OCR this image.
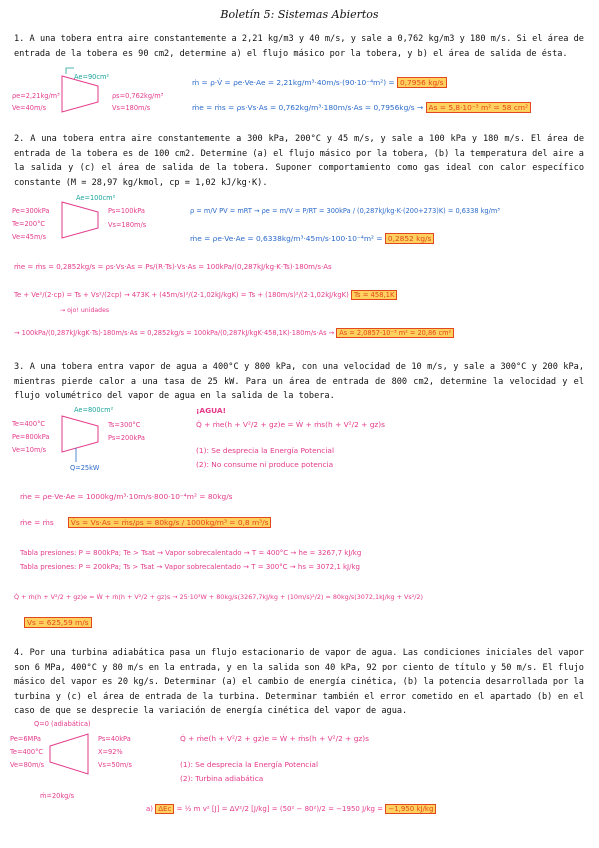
Boletín 5: Sistemas Abiertos

1. A una tobera entra aire constantemente a 2,21 kg/m3 y 40 m/s, y sale a 0,762 kg/m3 y 180 m/s. Si el área de entrada de la tobera es 90 cm2, determine a) el flujo másico por la tobera, y b) el área de salida de ésta.

Ae=90cm²
ρe=2,21kg/m³
Ve=40m/s
ρs=0,762kg/m³
Vs=180m/s
ṁ = ρ·V̇ = ρe·Ve·Ae = 2,21kg/m³·40m/s·(90·10⁻⁴m²) = 0,7956 kg/s
ṁe = ṁs = ρs·Vs·As = 0,762kg/m³·180m/s·As = 0,7956kg/s → As = 5,8·10⁻³ m² = 58 cm²

2. A una tobera entra aire constantemente a 300 kPa, 200°C y 45 m/s, y sale a 100 kPa y 180 m/s. El área de entrada de la tobera es de 100 cm2. Determine (a) el flujo másico por la tobera, (b) la temperatura del aire a la salida y (c) el área de salida de la tobera. Suponer comportamiento como gas ideal con calor específico constante (M = 28,97 kg/kmol, cp = 1,02 kJ/kg·K).

Ae=100cm²
Pe=300kPa
Te=200°C
Ve=45m/s
Ps=100kPa
Vs=180m/s
ρ = m/V PV = mRT → ρe = m/V = P/RT = 300kPa / (0,287kJ/kg·K·(200+273)K) = 0,6338 kg/m³
ṁe = ρe·Ve·Ae = 0,6338kg/m³·45m/s·100·10⁻⁴m² = 0,2852 kg/s
ṁe = ṁs = 0,2852kg/s = ρs·Vs·As = Ps/(R·Ts)·Vs·As = 100kPa/(0,287kJ/kg·K·Ts)·180m/s·As
Te + Ve²/(2·cp) = Ts + Vs²/(2cp) → 473K + (45m/s)²/(2·1,02kJ/kgK) = Ts + (180m/s)²/(2·1,02kJ/kgK) Ts = 458,1K
→ ojo! unidades
→ 100kPa/(0,287kJ/kgK·Ts)·180m/s·As = 0,2852kg/s = 100kPa/(0,287kJ/kgK·458,1K)·180m/s·As → As = 2,0857·10⁻³ m² = 20,86 cm²

3. A una tobera entra vapor de agua a 400°C y 800 kPa, con una velocidad de 10 m/s, y sale a 300°C y 200 kPa, mientras pierde calor a una tasa de 25 kW. Para un área de entrada de 800 cm2, determine la velocidad y el flujo volumétrico del vapor de agua en la salida de la tobera.

Ae=800cm²
Te=400°C
Pe=800kPa
Ve=10m/s
Ts=300°C
Ps=200kPa
Q=25kW
¡AGUA!
Q̇ + ṁe(h + V²/2 + gz)e = Ẇ + ṁs(h + V²/2 + gz)s
(1): Se desprecia la Energía Potencial
(2): No consume ni produce potencia
ṁe = ρe·Ve·Ae = 1000kg/m³·10m/s·800·10⁻⁴m² = 80kg/s
ṁe = ṁs V̇s = Vs·As = ṁs/ρs = 80kg/s / 1000kg/m³ = 0,8 m³/s
Tabla presiones: P = 800kPa; Te > Tsat → Vapor sobrecalentado → T = 400°C → he = 3267,7 kJ/kg
Tabla presiones: P = 200kPa; Ts > Tsat → Vapor sobrecalentado → T = 300°C → hs = 3072,1 kJ/kg
Q̇ + ṁ(h + V²/2 + gz)e = Ẇ + ṁ(h + V²/2 + gz)s → 25·10³W + 80kg/s(3267,7kJ/kg + (10m/s)²/2) = 80kg/s(3072,1kJ/kg + Vs²/2)
Vs = 625,59 m/s

4. Por una turbina adiabática pasa un flujo estacionario de vapor de agua. Las condiciones iniciales del vapor son 6 MPa, 400°C y 80 m/s en la entrada, y en la salida son 40 kPa, 92 por ciento de título y 50 m/s. El flujo másico del vapor es 20 kg/s. Determinar (a) el cambio de energía cinética, (b) la potencia desarrollada por la turbina y (c) el área de entrada de la turbina. Determinar también el error cometido en el apartado (b) en el caso de que se desprecie la variación de energía cinética del vapor de agua.

Q=0 (adiabática)
Pe=6MPa
Te=400°C
Ve=80m/s
Ps=40kPa
X=92%
Vs=50m/s
ṁ=20kg/s
Q̇ + ṁe(h + V²/2 + gz)e = Ẇ + ṁs(h + V²/2 + gz)s
(1): Se desprecia la Energía Potencial
(2): Turbina adiabática
a) ΔEc = ½ m v² [J] = ΔV²/2 [J/kg] = (50² − 80²)/2 = −1950 J/kg = −1,950 kJ/kg
